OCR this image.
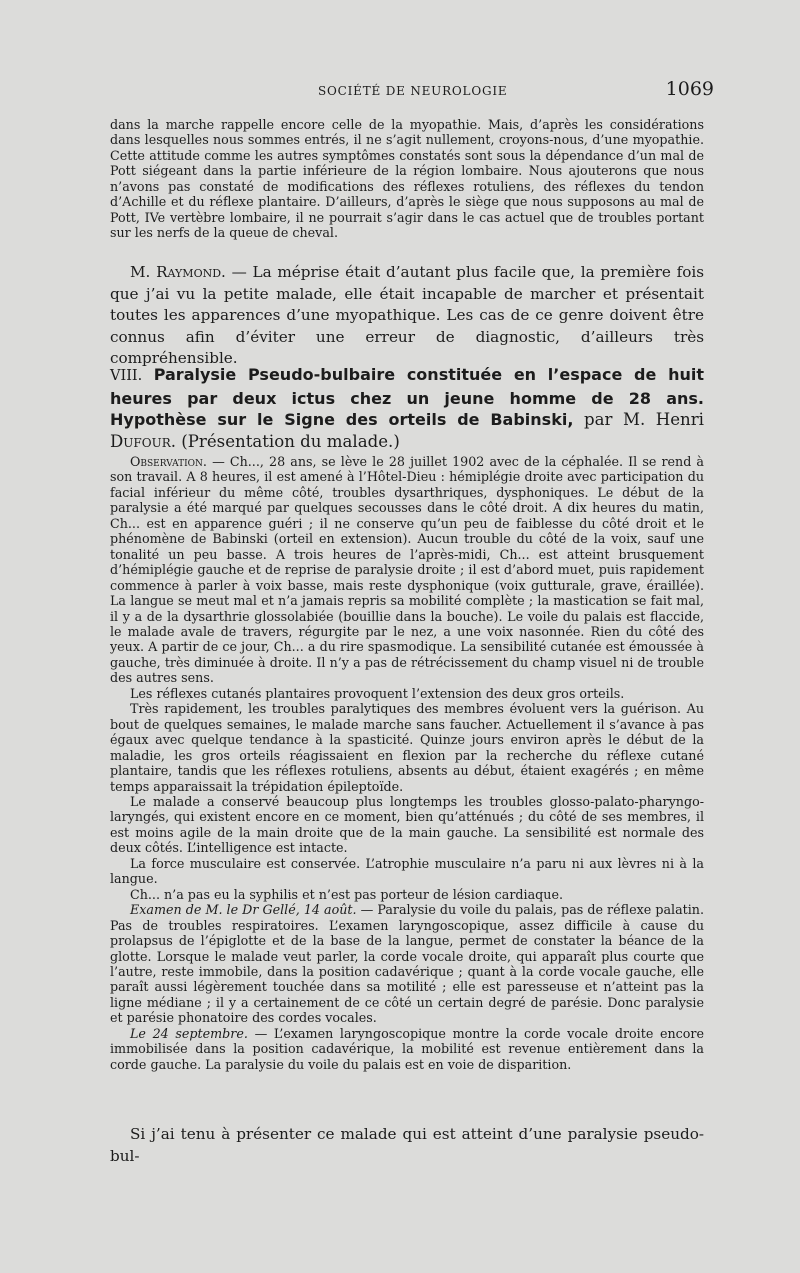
SOCIÉTÉ DE NEUROLOGIE	1069

dans la marche rappelle encore celle de la myopathie. Mais, d’après les considérations dans lesquelles nous sommes entrés, il ne s’agit nullement, croyons-nous, d’une myopathie. Cette attitude comme les autres symptômes constatés sont sous la dépendance d’un mal de Pott siégeant dans la partie inférieure de la région lombaire. Nous ajouterons que nous n’avons pas constaté de modifications des réflexes rotuliens, des réflexes du tendon d’Achille et du réflexe plantaire. D’ailleurs, d’après le siège que nous supposons au mal de Pott, IVe vertèbre lombaire, il ne pourrait s’agir dans le cas actuel que de troubles portant sur les nerfs de la queue de cheval.

M. Raymond. — La méprise était d’autant plus facile que, la première fois que j’ai vu la petite malade, elle était incapable de marcher et présentait toutes les apparences d’une myopathique. Les cas de ce genre doivent être connus afin d’éviter une erreur de diagnostic, d’ailleurs très compréhensible.

VIII. Paralysie Pseudo-bulbaire constituée en l’espace de huit heures par deux ictus chez un jeune homme de 28 ans. Hypothèse sur le Signe des orteils de Babinski, par M. Henri Dufour. (Présentation du malade.)

Observation. — Ch..., 28 ans, se lève le 28 juillet 1902 avec de la céphalée. Il se rend à son travail. A 8 heures, il est amené à l’Hôtel-Dieu : hémiplégie droite avec participation du facial inférieur du même côté, troubles dysarthriques, dysphoniques. Le début de la paralysie a été marqué par quelques secousses dans le côté droit. A dix heures du matin, Ch... est en apparence guéri ; il ne conserve qu’un peu de faiblesse du côté droit et le phénomène de Babinski (orteil en extension). Aucun trouble du côté de la voix, sauf une tonalité un peu basse. A trois heures de l’après-midi, Ch... est atteint brusquement d’hémiplégie gauche et de reprise de paralysie droite ; il est d’abord muet, puis rapidement commence à parler à voix basse, mais reste dysphonique (voix gutturale, grave, éraillée). La langue se meut mal et n’a jamais repris sa mobilité complète ; la mastication se fait mal, il y a de la dysarthrie glossolabiée (bouillie dans la bouche). Le voile du palais est flaccide, le malade avale de travers, régurgite par le nez, a une voix nasonnée. Rien du côté des yeux. A partir de ce jour, Ch... a du rire spasmodique. La sensibilité cutanée est émoussée à gauche, très diminuée à droite. Il n’y a pas de rétrécissement du champ visuel ni de trouble des autres sens.

Les réflexes cutanés plantaires provoquent l’extension des deux gros orteils.

Très rapidement, les troubles paralytiques des membres évoluent vers la guérison. Au bout de quelques semaines, le malade marche sans faucher. Actuellement il s’avance à pas égaux avec quelque tendance à la spasticité. Quinze jours environ après le début de la maladie, les gros orteils réagissaient en flexion par la recherche du réflexe cutané plantaire, tandis que les réflexes rotuliens, absents au début, étaient exagérés ; en même temps apparaissait la trépidation épileptoïde.

Le malade a conservé beaucoup plus longtemps les troubles glosso-palato-pharyngo-laryngés, qui existent encore en ce moment, bien qu’atténués ; du côté de ses membres, il est moins agile de la main droite que de la main gauche. La sensibilité est normale des deux côtés. L’intelligence est intacte.

La force musculaire est conservée. L’atrophie musculaire n’a paru ni aux lèvres ni à la langue.

Ch... n’a pas eu la syphilis et n’est pas porteur de lésion cardiaque.

Examen de M. le Dr Gellé, 14 août. — Paralysie du voile du palais, pas de réflexe palatin. Pas de troubles respiratoires. L’examen laryngoscopique, assez difficile à cause du prolapsus de l’épiglotte et de la base de la langue, permet de constater la béance de la glotte. Lorsque le malade veut parler, la corde vocale droite, qui apparaît plus courte que l’autre, reste immobile, dans la position cadavérique ; quant à la corde vocale gauche, elle paraît aussi légèrement touchée dans sa motilité ; elle est paresseuse et n’atteint pas la ligne médiane ; il y a certainement de ce côté un certain degré de parésie. Donc paralysie et parésie phonatoire des cordes vocales.

Le 24 septembre. — L’examen laryngoscopique montre la corde vocale droite encore immobilisée dans la position cadavérique, la mobilité est revenue entièrement dans la corde gauche. La paralysie du voile du palais est en voie de disparition.

Si j’ai tenu à présenter ce malade qui est atteint d’une paralysie pseudo-bul-
